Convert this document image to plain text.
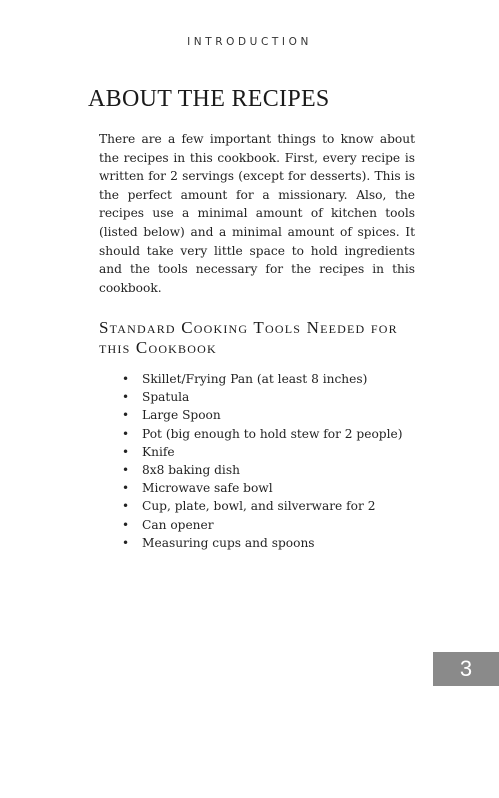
INTRODUCTION
ABOUT THE RECIPES

There are a few important things to know about the recipes in this cookbook. First, every recipe is written for 2 servings (except for desserts). This is the perfect amount for a missionary. Also, the recipes use a minimal amount of kitchen tools (listed below) and a minimal amount of spices. It should take very little space to hold ingredients and the tools necessary for the recipes in this cookbook.

Standard Cooking Tools Needed for this Cookbook
• Skillet/Frying Pan (at least 8 inches)
• Spatula
• Large Spoon
• Pot (big enough to hold stew for 2 people)
• Knife
• 8x8 baking dish
• Microwave safe bowl
• Cup, plate, bowl, and silverware for 2
• Can opener
• Measuring cups and spoons
3
